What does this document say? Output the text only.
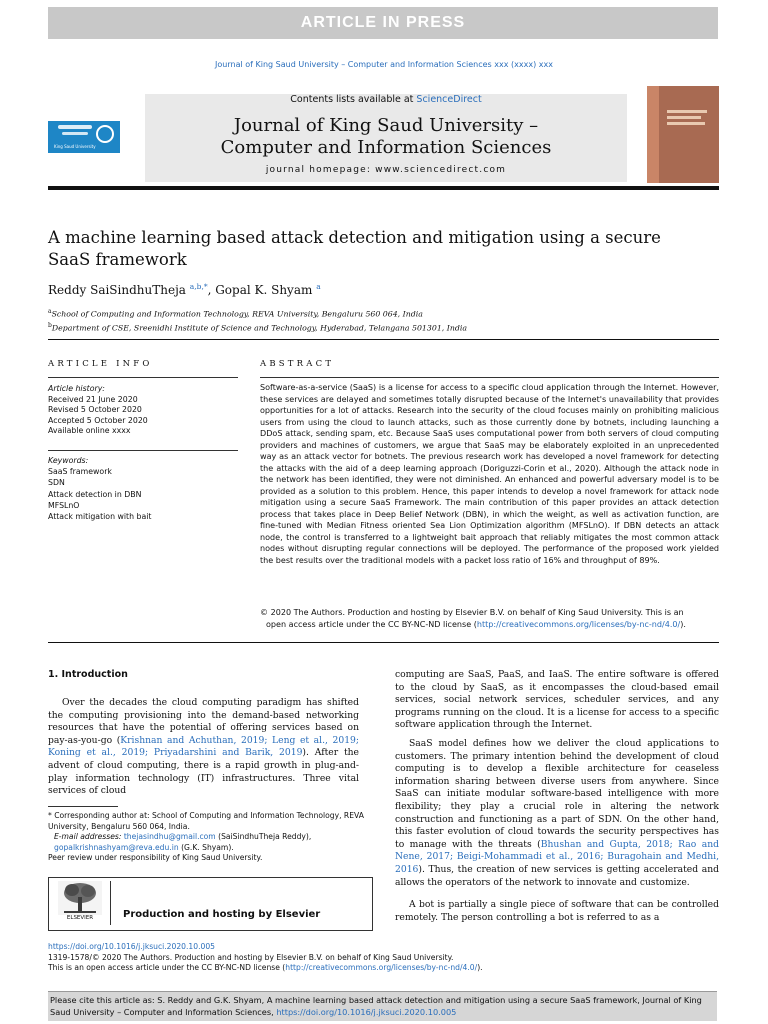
ARTICLE IN PRESS
Journal of King Saud University – Computer and Information Sciences xxx (xxxx) xxx
King Saud University
Contents lists available at ScienceDirect
Journal of King Saud University –
Computer and Information Sciences
journal homepage: www.sciencedirect.com
A machine learning based attack detection and mitigation using a secure
SaaS framework
Reddy SaiSindhuTheja $^{a,b,*}$, Gopal K. Shyam $^a$
$^a$School of Computing and Information Technology, REVA University, Bengaluru 560 064, India
$^b$Department of CSE, Sreenidhi Institute of Science and Technology, Hyderabad, Telangana 501301, India
ARTICLE INFO
Article history:
Received 21 June 2020
Revised 5 October 2020
Accepted 5 October 2020
Available online xxxx
Keywords:
SaaS framework
SDN
Attack detection in DBN
MFSLnO
Attack mitigation with bait
ABSTRACT
Software-as-a-service (SaaS) is a license for access to a specific cloud application through the Internet. However, these services are delayed and sometimes totally disrupted because of the Internet's unavailability that provides opportunities for a lot of attacks. Research into the security of the cloud focuses mainly on prohibiting malicious users from using the cloud to launch attacks, such as those currently done by botnets, including launching a DDoS attack, sending spam, etc. Because SaaS uses computational power from both servers of cloud computing providers and machines of customers, we argue that SaaS may be elaborately exploited in an unprecedented way as an attack vector for botnets. The previous research work has developed a novel framework for detecting the attacks with the aid of a deep learning approach (Doriguzzi-Corin et al., 2020). Although the attack node in the network has been identified, they were not diminished. An enhanced and powerful adversary model is to be provided as a solution to this problem. Hence, this paper intends to develop a novel framework for attack node mitigation using a secure SaaS Framework. The main contribution of this paper provides an attack detection process that takes place in Deep Belief Network (DBN), in which the weight, as well as activation function, are fine-tuned with Median Fitness oriented Sea Lion Optimization algorithm (MFSLnO). If DBN detects an attack node, the control is transferred to a lightweight bait approach that reliably mitigates the most common attack nodes without disrupting regular connections will be deployed. The performance of the proposed work yielded the best results over the traditional models with a packet loss ratio of 16% and throughput of 89%.
© 2020 The Authors. Production and hosting by Elsevier B.V. on behalf of King Saud University. This is an
open access article under the CC BY-NC-ND license (http://creativecommons.org/licenses/by-nc-nd/4.0/).
1. Introduction
Over the decades the cloud computing paradigm has shifted the computing provisioning into the demand-based networking resources that have the potential of offering services based on pay-as-you-go (Krishnan and Achuthan, 2019; Leng et al., 2019; Koning et al., 2019; Priyadarshini and Barik, 2019). After the advent of cloud computing, there is a rapid growth in plug-and-play information technology (IT) infrastructures. Three vital services of cloud
computing are SaaS, PaaS, and IaaS. The entire software is offered to the cloud by SaaS, as it encompasses the cloud-based email services, social network services, scheduler services, and any programs running on the cloud. It is a license for access to a specific software application through the Internet.
SaaS model defines how we deliver the cloud applications to customers. The primary intention behind the development of cloud computing is to develop a flexible architecture for ceaseless information sharing between diverse users from anywhere. Since SaaS can initiate modular software-based intelligence with more flexibility; they play a crucial role in altering the network construction and functioning as a part of SDN. On the other hand, this faster evolution of cloud towards the security perspectives has to manage with the threats (Bhushan and Gupta, 2018; Rao and Nene, 2017; Beigi-Mohammadi et al., 2016; Buragohain and Medhi, 2016). Thus, the creation of new services is getting accelerated and allows the operators of the network to innovate and customize.
A bot is partially a single piece of software that can be controlled remotely. The person controlling a bot is referred to as a
* Corresponding author at: School of Computing and Information Technology, REVA University, Bengaluru 560 064, India.
E-mail addresses: thejasindhu@gmail.com (SaiSindhuTheja Reddy), gopalkrishnashyam@reva.edu.in (G.K. Shyam).
Peer review under responsibility of King Saud University.
ELSEVIER	Production and hosting by Elsevier
https://doi.org/10.1016/j.jksuci.2020.10.005
1319-1578/© 2020 The Authors. Production and hosting by Elsevier B.V. on behalf of King Saud University.
This is an open access article under the CC BY-NC-ND license (http://creativecommons.org/licenses/by-nc-nd/4.0/).
Please cite this article as: S. Reddy and G.K. Shyam, A machine learning based attack detection and mitigation using a secure SaaS framework, Journal of King Saud University – Computer and Information Sciences, https://doi.org/10.1016/j.jksuci.2020.10.005
